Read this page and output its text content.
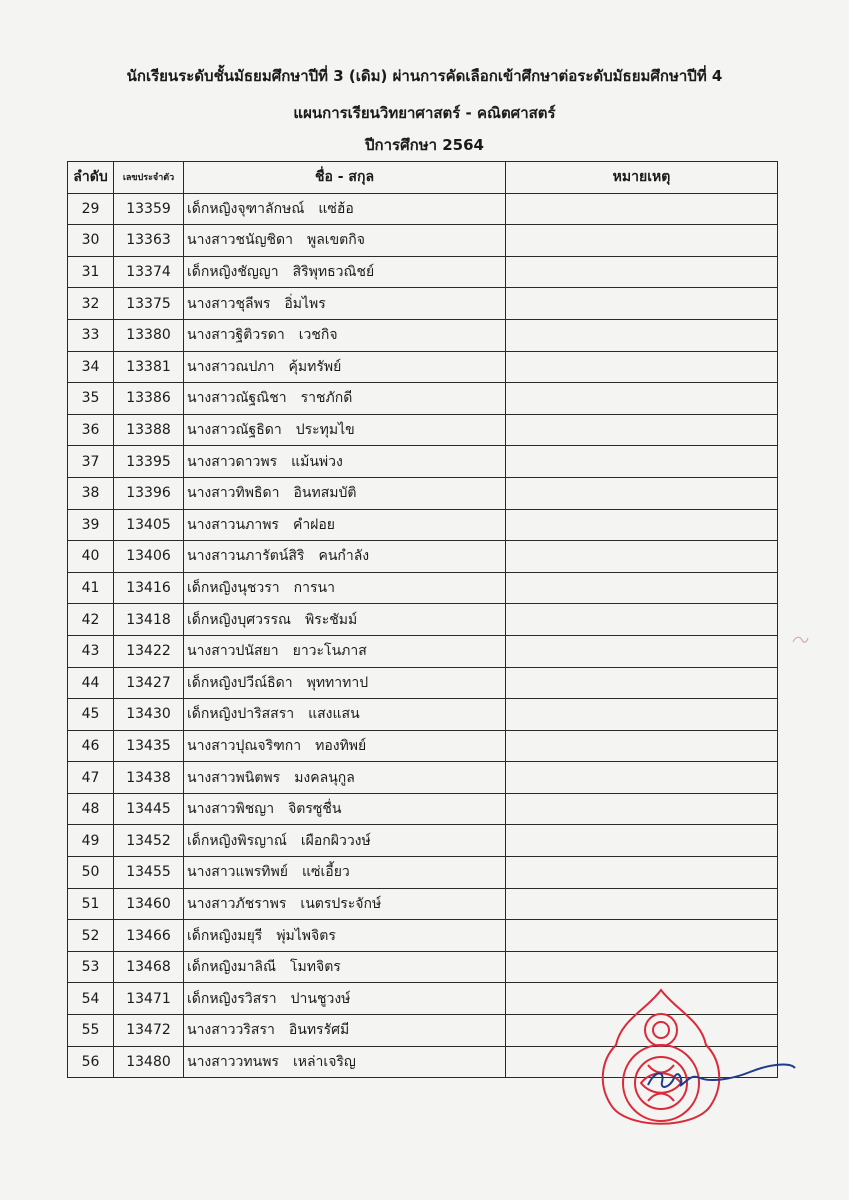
นักเรียนระดับชั้นมัธยมศึกษาปีที่ 3 (เดิม) ผ่านการคัดเลือกเข้าศึกษาต่อระดับมัธยมศึกษาปีที่ 4
แผนการเรียนวิทยาศาสตร์ - คณิตศาสตร์
ปีการศึกษา 2564
ลำดับ	เลขประจำตัว	ชื่อ - สกุล	หมายเหตุ
29	13359	เด็กหญิงจุฑาลักษณ์ แซ่ฮ้อ	
30	13363	นางสาวชนัญชิดา พูลเขตกิจ	
31	13374	เด็กหญิงชัญญา สิริพุทธวณิชย์	
32	13375	นางสาวชุลีพร อิ่มไพร	
33	13380	นางสาวฐิติวรดา เวชกิจ	
34	13381	นางสาวณปภา คุ้มทรัพย์	
35	13386	นางสาวณัฐณิชา ราชภักดี	
36	13388	นางสาวณัฐธิดา ประทุมไข	
37	13395	นางสาวดาวพร แม้นพ่วง	
38	13396	นางสาวทิพธิดา อินทสมบัติ	
39	13405	นางสาวนภาพร คำฝอย	
40	13406	นางสาวนภารัตน์สิริ คนกำลัง	
41	13416	เด็กหญิงนุชวรา การนา	
42	13418	เด็กหญิงบุศวรรณ พิระชัมม์	
43	13422	นางสาวปนัสยา ยาวะโนภาส	
44	13427	เด็กหญิงปวีณ์ธิดา พุททาทาป	
45	13430	เด็กหญิงปาริสสรา แสงแสน	
46	13435	นางสาวปุณจริฑกา ทองทิพย์	
47	13438	นางสาวพนิตพร มงคลนุกูล	
48	13445	นางสาวพิชญา จิตรซูชื่น	
49	13452	เด็กหญิงพิรญาณ์ เผือกผิววงษ์	
50	13455	นางสาวแพรทิพย์ แซ่เอี้ยว	
51	13460	นางสาวภัชราพร เนตรประจักษ์	
52	13466	เด็กหญิงมยุรี พุ่มไพจิตร	
53	13468	เด็กหญิงมาลิณี โมทจิตร	
54	13471	เด็กหญิงรวิสรา ปานชูวงษ์	
55	13472	นางสาววริสรา อินทรรัศมี	
56	13480	นางสาววทนพร เหล่าเจริญ	
